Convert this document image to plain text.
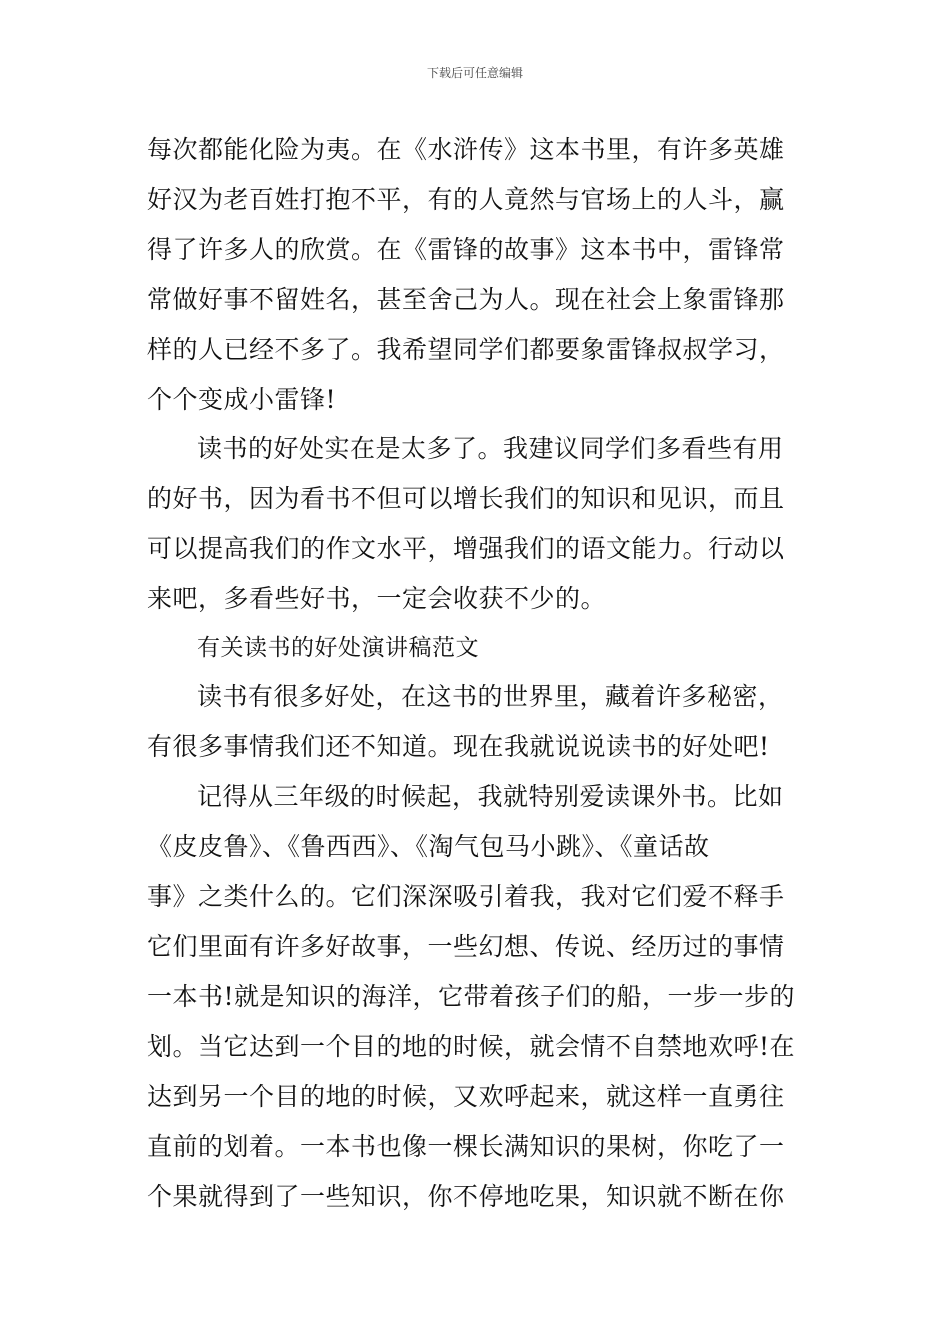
下载后可任意编辑
每次都能化险为夷。在《水浒传》这本书里，有许多英雄
好汉为老百姓打抱不平，有的人竟然与官场上的人斗，赢
得了许多人的欣赏。在《雷锋的故事》这本书中，雷锋常
常做好事不留姓名，甚至舍己为人。现在社会上象雷锋那
样的人已经不多了。我希望同学们都要象雷锋叔叔学习，
个个变成小雷锋!
读书的好处实在是太多了。我建议同学们多看些有用
的好书，因为看书不但可以增长我们的知识和见识，而且
可以提高我们的作文水平，增强我们的语文能力。行动以
来吧，多看些好书，一定会收获不少的。
有关读书的好处演讲稿范文
读书有很多好处，在这书的世界里，藏着许多秘密，
有很多事情我们还不知道。现在我就说说读书的好处吧!
记得从三年级的时候起，我就特别爱读课外书。比如
《皮皮鲁》、《鲁西西》、《淘气包马小跳》、《童话故
事》之类什么的。它们深深吸引着我，我对它们爱不释手
它们里面有许多好故事，一些幻想、传说、经历过的事情
一本书!就是知识的海洋，它带着孩子们的船，一步一步的
划。当它达到一个目的地的时候，就会情不自禁地欢呼!在
达到另一个目的地的时候，又欢呼起来，就这样一直勇往
直前的划着。一本书也像一棵长满知识的果树，你吃了一
个果就得到了一些知识，你不停地吃果，知识就不断在你
